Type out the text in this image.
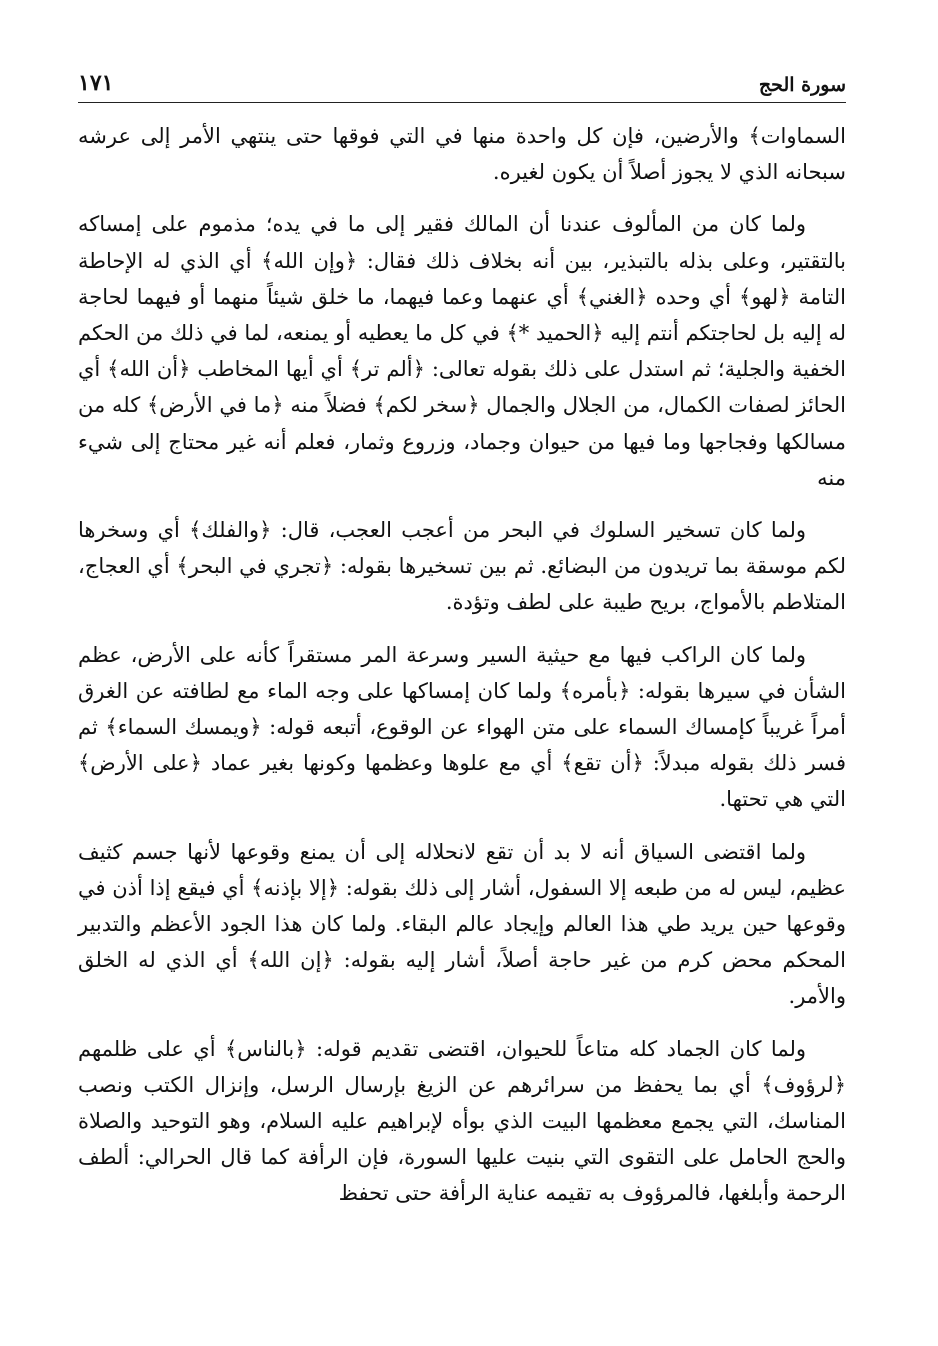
سورة الحج
١٧١

السماوات﴾ والأرضين، فإن كل واحدة منها في التي فوقها حتى ينتهي الأمر إلى عرشه سبحانه الذي لا يجوز أصلاً أن يكون لغيره.

ولما كان من المألوف عندنا أن المالك فقير إلى ما في يده؛ مذموم على إمساكه بالتقتير، وعلى بذله بالتبذير، بين أنه بخلاف ذلك فقال: ﴿وإن الله﴾ أي الذي له الإحاطة التامة ﴿لهو﴾ أي وحده ﴿الغني﴾ أي عنهما وعما فيهما، ما خلق شيئاً منهما أو فيهما لحاجة له إليه بل لحاجتكم أنتم إليه ﴿الحميد *﴾ في كل ما يعطيه أو يمنعه، لما في ذلك من الحكم الخفية والجلية؛ ثم استدل على ذلك بقوله تعالى: ﴿ألم تر﴾ أي أيها المخاطب ﴿أن الله﴾ أي الحائز لصفات الكمال، من الجلال والجمال ﴿سخر لكم﴾ فضلاً منه ﴿ما في الأرض﴾ كله من مسالكها وفجاجها وما فيها من حيوان وجماد، وزروع وثمار، فعلم أنه غير محتاج إلى شيء منه

ولما كان تسخير السلوك في البحر من أعجب العجب، قال: ﴿والفلك﴾ أي وسخرها لكم موسقة بما تريدون من البضائع. ثم بين تسخيرها بقوله: ﴿تجري في البحر﴾ أي العجاج، المتلاطم بالأمواج، بريح طيبة على لطف وتؤدة.

ولما كان الراكب فيها مع حيثية السير وسرعة المر مستقراً كأنه على الأرض، عظم الشأن في سيرها بقوله: ﴿بأمره﴾ ولما كان إمساكها على وجه الماء مع لطافته عن الغرق أمراً غريباً كإمساك السماء على متن الهواء عن الوقوع، أتبعه قوله: ﴿ويمسك السماء﴾ ثم فسر ذلك بقوله مبدلاً: ﴿أن تقع﴾ أي مع علوها وعظمها وكونها بغير عماد ﴿على الأرض﴾ التي هي تحتها.

ولما اقتضى السياق أنه لا بد أن تقع لانحلاله إلى أن يمنع وقوعها لأنها جسم كثيف عظيم، ليس له من طبعه إلا السفول، أشار إلى ذلك بقوله: ﴿إلا بإذنه﴾ أي فيقع إذا أذن في وقوعها حين يريد طي هذا العالم وإيجاد عالم البقاء. ولما كان هذا الجود الأعظم والتدبير المحكم محض كرم من غير حاجة أصلاً، أشار إليه بقوله: ﴿إن الله﴾ أي الذي له الخلق والأمر.

ولما كان الجماد كله متاعاً للحيوان، اقتضى تقديم قوله: ﴿بالناس﴾ أي على ظلمهم ﴿لرؤوف﴾ أي بما يحفظ من سرائرهم عن الزيغ بإرسال الرسل، وإنزال الكتب ونصب المناسك، التي يجمع معظمها البيت الذي بوأه لإبراهيم عليه السلام، وهو التوحيد والصلاة والحج الحامل على التقوى التي بنيت عليها السورة، فإن الرأفة كما قال الحرالي: ألطف الرحمة وأبلغها، فالمرؤوف به تقيمه عناية الرأفة حتى تحفظ
